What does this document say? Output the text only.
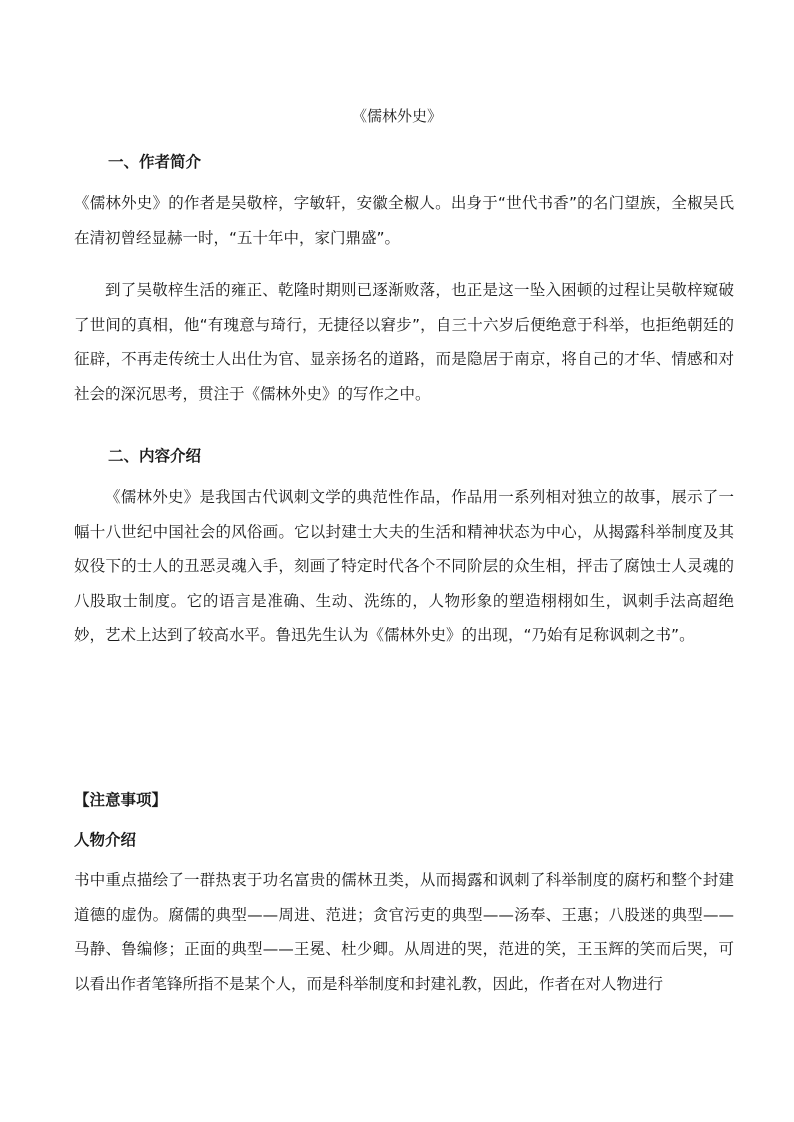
《儒林外史》
一、作者简介

《儒林外史》的作者是吴敬梓，字敏轩，安徽全椒人。出身于“世代书香”的名门望族，全椒吴氏在清初曾经显赫一时，“五十年中，家门鼎盛”。

到了吴敬梓生活的雍正、乾隆时期则已逐渐败落，也正是这一坠入困顿的过程让吴敬梓窥破了世间的真相，他“有瑰意与琦行，无捷径以窘步”，自三十六岁后便绝意于科举，也拒绝朝廷的征辟，不再走传统士人出仕为官、显亲扬名的道路，而是隐居于南京，将自己的才华、情感和对社会的深沉思考，贯注于《儒林外史》的写作之中。

二、内容介绍

《儒林外史》是我国古代讽刺文学的典范性作品，作品用一系列相对独立的故事，展示了一幅十八世纪中国社会的风俗画。它以封建士大夫的生活和精神状态为中心，从揭露科举制度及其奴役下的士人的丑恶灵魂入手，刻画了特定时代各个不同阶层的众生相，抨击了腐蚀士人灵魂的八股取士制度。它的语言是准确、生动、洗练的，人物形象的塑造栩栩如生，讽刺手法高超绝妙，艺术上达到了较高水平。鲁迅先生认为《儒林外史》的出现，“乃始有足称讽刺之书”。

【注意事项】
人物介绍

书中重点描绘了一群热衷于功名富贵的儒林丑类，从而揭露和讽刺了科举制度的腐朽和整个封建道德的虚伪。腐儒的典型——周进、范进；贪官污吏的典型——汤奉、王惠；八股迷的典型——马静、鲁编修；正面的典型——王冕、杜少卿。从周进的哭，范进的笑，王玉辉的笑而后哭，可以看出作者笔锋所指不是某个人，而是科举制度和封建礼教，因此，作者在对人物进行
